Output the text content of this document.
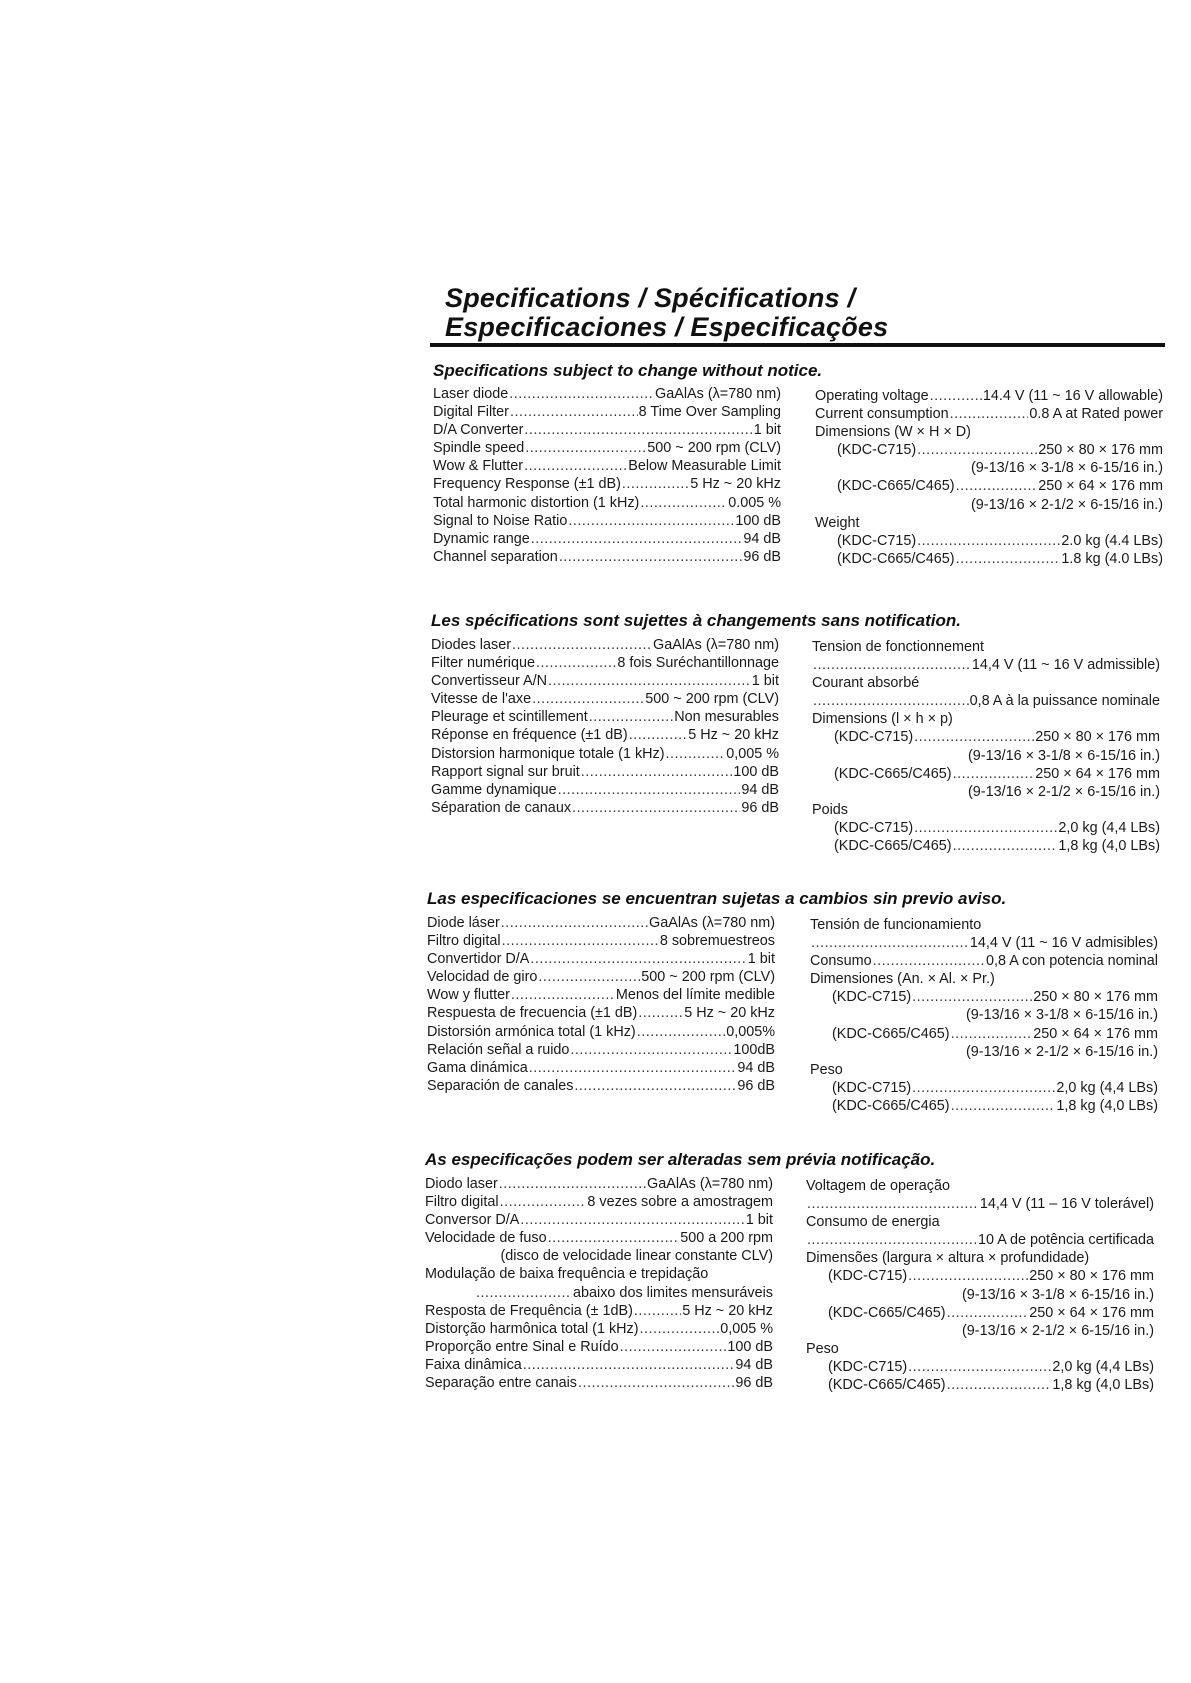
Specifications / Spécifications /
Especificaciones / Especificações
Specifications subject to change without notice.
Laser diode .....	GaAlAs (λ=780 nm)
Digital Filter .....	8 Time Over Sampling
D/A Converter .....	1 bit
Spindle speed .....	500 ~ 200 rpm (CLV)
Wow & Flutter .....	Below Measurable Limit
Frequency Response (±1 dB) .....	5 Hz ~ 20 kHz
Total harmonic distortion (1 kHz) .....	0.005 %
Signal to Noise Ratio .....	100 dB
Dynamic range .....	94 dB
Channel separation .....	96 dB
Operating voltage .....	14.4 V (11 ~ 16 V allowable)
Current consumption .....	0.8 A at Rated power
Dimensions (W × H × D)
(KDC-C715) .....	250 × 80 × 176 mm
(9-13/16 × 3-1/8 × 6-15/16 in.)
(KDC-C665/C465) .....	250 × 64 × 176 mm
(9-13/16 × 2-1/2 × 6-15/16 in.)
Weight
(KDC-C715) .....	2.0 kg (4.4 LBs)
(KDC-C665/C465) .....	1.8 kg (4.0 LBs)
Les spécifications sont sujettes à changements sans notification.
Diodes laser .....	GaAlAs (λ=780 nm)
Filter numérique .....	8 fois Suréchantillonnage
Convertisseur A/N .....	1 bit
Vitesse de l'axe .....	500 ~ 200 rpm (CLV)
Pleurage et scintillement .....	Non mesurables
Réponse en fréquence (±1 dB) .....	5 Hz ~ 20 kHz
Distorsion harmonique totale (1 kHz) .....	0,005 %
Rapport signal sur bruit .....	100 dB
Gamme dynamique .....	94 dB
Séparation de canaux .....	96 dB
Tension de fonctionnement
.....
14,4 V (11 ~ 16 V admissible)
Courant absorbé
.....
0,8 A à la puissance nominale
Dimensions (l × h × p)
(KDC-C715) .....	250 × 80 × 176 mm
(9-13/16 × 3-1/8 × 6-15/16 in.)
(KDC-C665/C465) .....	250 × 64 × 176 mm
(9-13/16 × 2-1/2 × 6-15/16 in.)
Poids
(KDC-C715) .....	2,0 kg (4,4 LBs)
(KDC-C665/C465) .....	1,8 kg (4,0 LBs)
Las especificaciones se encuentran sujetas a cambios sin previo aviso.
Diode láser .....	GaAlAs (λ=780 nm)
Filtro digital .....	8 sobremuestreos
Convertidor D/A .....	1 bit
Velocidad de giro .....	500 ~ 200 rpm (CLV)
Wow y flutter .....	Menos del límite medible
Respuesta de frecuencia (±1 dB) .....	5 Hz ~ 20 kHz
Distorsión armónica total (1 kHz) .....	0,005%
Relación señal a ruido .....	100dB
Gama dinámica .....	94 dB
Separación de canales .....	96 dB
Tensión de funcionamiento
.....
14,4 V (11 ~ 16 V admisibles)
Consumo .....	0,8 A con potencia nominal
Dimensiones (An. × Al. × Pr.)
(KDC-C715) .....	250 × 80 × 176 mm
(9-13/16 × 3-1/8 × 6-15/16 in.)
(KDC-C665/C465) .....	250 × 64 × 176 mm
(9-13/16 × 2-1/2 × 6-15/16 in.)
Peso
(KDC-C715) .....	2,0 kg (4,4 LBs)
(KDC-C665/C465) .....	1,8 kg (4,0 LBs)
As especificações podem ser alteradas sem prévia notificação.
Diodo laser .....	GaAlAs (λ=780 nm)
Filtro digital .....	8 vezes sobre a amostragem
Conversor D/A .....	1 bit
Velocidade de fuso .....	500 a 200 rpm
(disco de velocidade linear constante CLV)
Modulação de baixa frequência e trepidação
.....
abaixo dos limites mensuráveis
Resposta de Frequência (± 1dB) .....	5 Hz ~ 20 kHz
Distorção harmônica total (1 kHz) .....	0,005 %
Proporção entre Sinal e Ruído .....	100 dB
Faixa dinâmica .....	94 dB
Separação entre canais .....	96 dB
Voltagem de operação
.....
14,4 V (11 – 16 V tolerável)
Consumo de energia
.....
10 A de potência certificada
Dimensões (largura × altura × profundidade)
(KDC-C715) .....	250 × 80 × 176 mm
(9-13/16 × 3-1/8 × 6-15/16 in.)
(KDC-C665/C465) .....	250 × 64 × 176 mm
(9-13/16 × 2-1/2 × 6-15/16 in.)
Peso
(KDC-C715) .....	2,0 kg (4,4 LBs)
(KDC-C665/C465) .....	1,8 kg (4,0 LBs)
